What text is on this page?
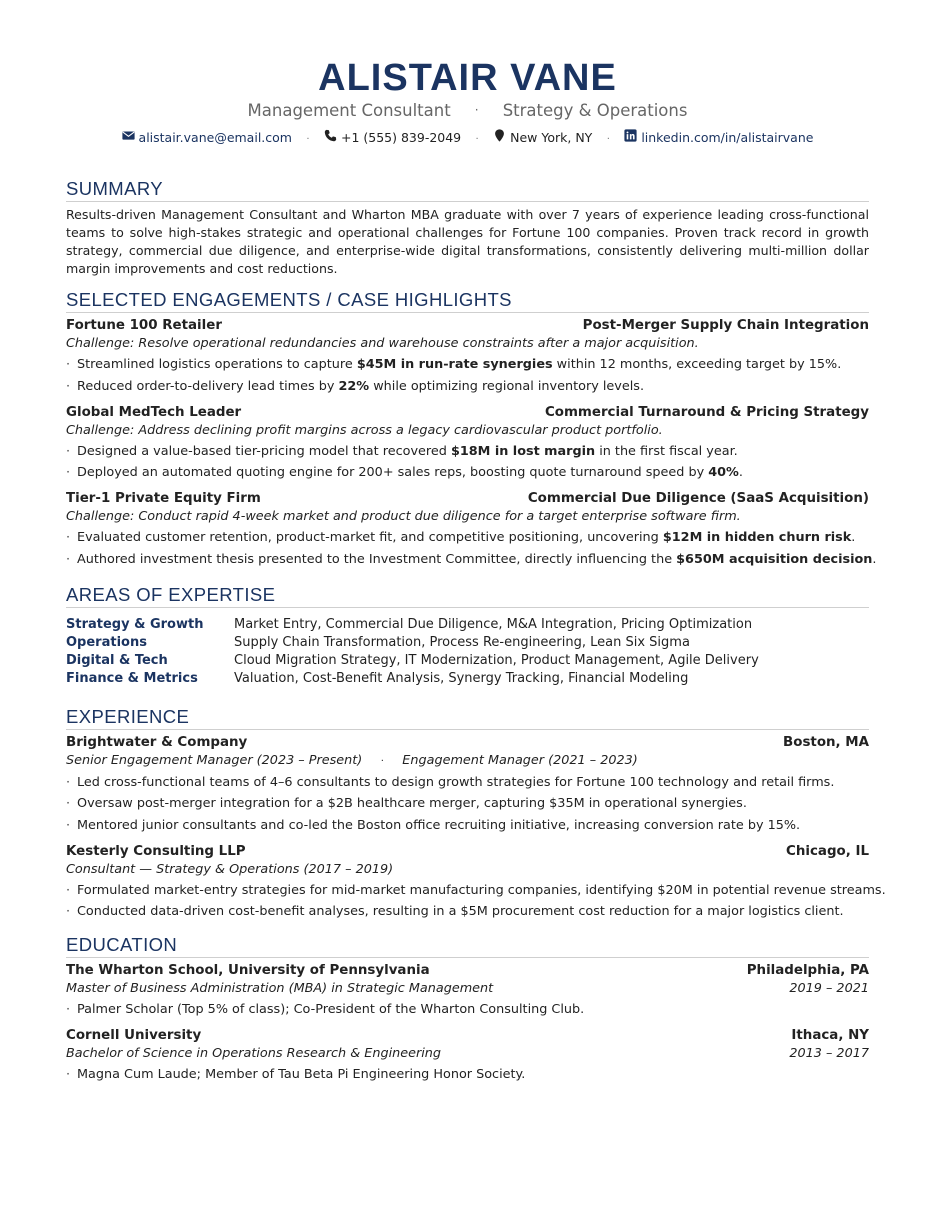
ALISTAIR VANE
Management Consultant · Strategy & Operations
alistair.vane@email.com ·	+1 (555) 839-2049 ·	New York, NY ·	linkedin.com/in/alistairvane
SUMMARY
Results-driven Management Consultant and Wharton MBA graduate with over 7 years of experience leading cross-functional teams to solve high-stakes strategic and operational challenges for Fortune 100 companies. Proven track record in growth strategy, commercial due diligence, and enterprise-wide digital transformations, consistently delivering multi-million dollar margin improvements and cost reductions.
SELECTED ENGAGEMENTS / CASE HIGHLIGHTS
Fortune 100 Retailer	Post-Merger Supply Chain Integration
Challenge: Resolve operational redundancies and warehouse constraints after a major acquisition.
· Streamlined logistics operations to capture $45M in run-rate synergies within 12 months, exceeding target by 15%.
· Reduced order-to-delivery lead times by 22% while optimizing regional inventory levels.
Global MedTech Leader	Commercial Turnaround & Pricing Strategy
Challenge: Address declining profit margins across a legacy cardiovascular product portfolio.
· Designed a value-based tier-pricing model that recovered $18M in lost margin in the first fiscal year.
· Deployed an automated quoting engine for 200+ sales reps, boosting quote turnaround speed by 40%.
Tier-1 Private Equity Firm	Commercial Due Diligence (SaaS Acquisition)
Challenge: Conduct rapid 4-week market and product due diligence for a target enterprise software firm.
· Evaluated customer retention, product-market fit, and competitive positioning, uncovering $12M in hidden churn risk.
· Authored investment thesis presented to the Investment Committee, directly influencing the $650M acquisition decision.
AREAS OF EXPERTISE
Strategy & Growth	Market Entry, Commercial Due Diligence, M&A Integration, Pricing Optimization
Operations	Supply Chain Transformation, Process Re-engineering, Lean Six Sigma
Digital & Tech	Cloud Migration Strategy, IT Modernization, Product Management, Agile Delivery
Finance & Metrics	Valuation, Cost-Benefit Analysis, Synergy Tracking, Financial Modeling
EXPERIENCE
Brightwater & Company	Boston, MA
Senior Engagement Manager (2023 – Present) · Engagement Manager (2021 – 2023)
· Led cross-functional teams of 4–6 consultants to design growth strategies for Fortune 100 technology and retail firms.
· Oversaw post-merger integration for a $2B healthcare merger, capturing $35M in operational synergies.
· Mentored junior consultants and co-led the Boston office recruiting initiative, increasing conversion rate by 15%.
Kesterly Consulting LLP	Chicago, IL
Consultant — Strategy & Operations (2017 – 2019)
· Formulated market-entry strategies for mid-market manufacturing companies, identifying $20M in potential revenue streams.
· Conducted data-driven cost-benefit analyses, resulting in a $5M procurement cost reduction for a major logistics client.
EDUCATION
The Wharton School, University of Pennsylvania	Philadelphia, PA
Master of Business Administration (MBA) in Strategic Management	2019 – 2021
· Palmer Scholar (Top 5% of class); Co-President of the Wharton Consulting Club.
Cornell University	Ithaca, NY
Bachelor of Science in Operations Research & Engineering	2013 – 2017
· Magna Cum Laude; Member of Tau Beta Pi Engineering Honor Society.
